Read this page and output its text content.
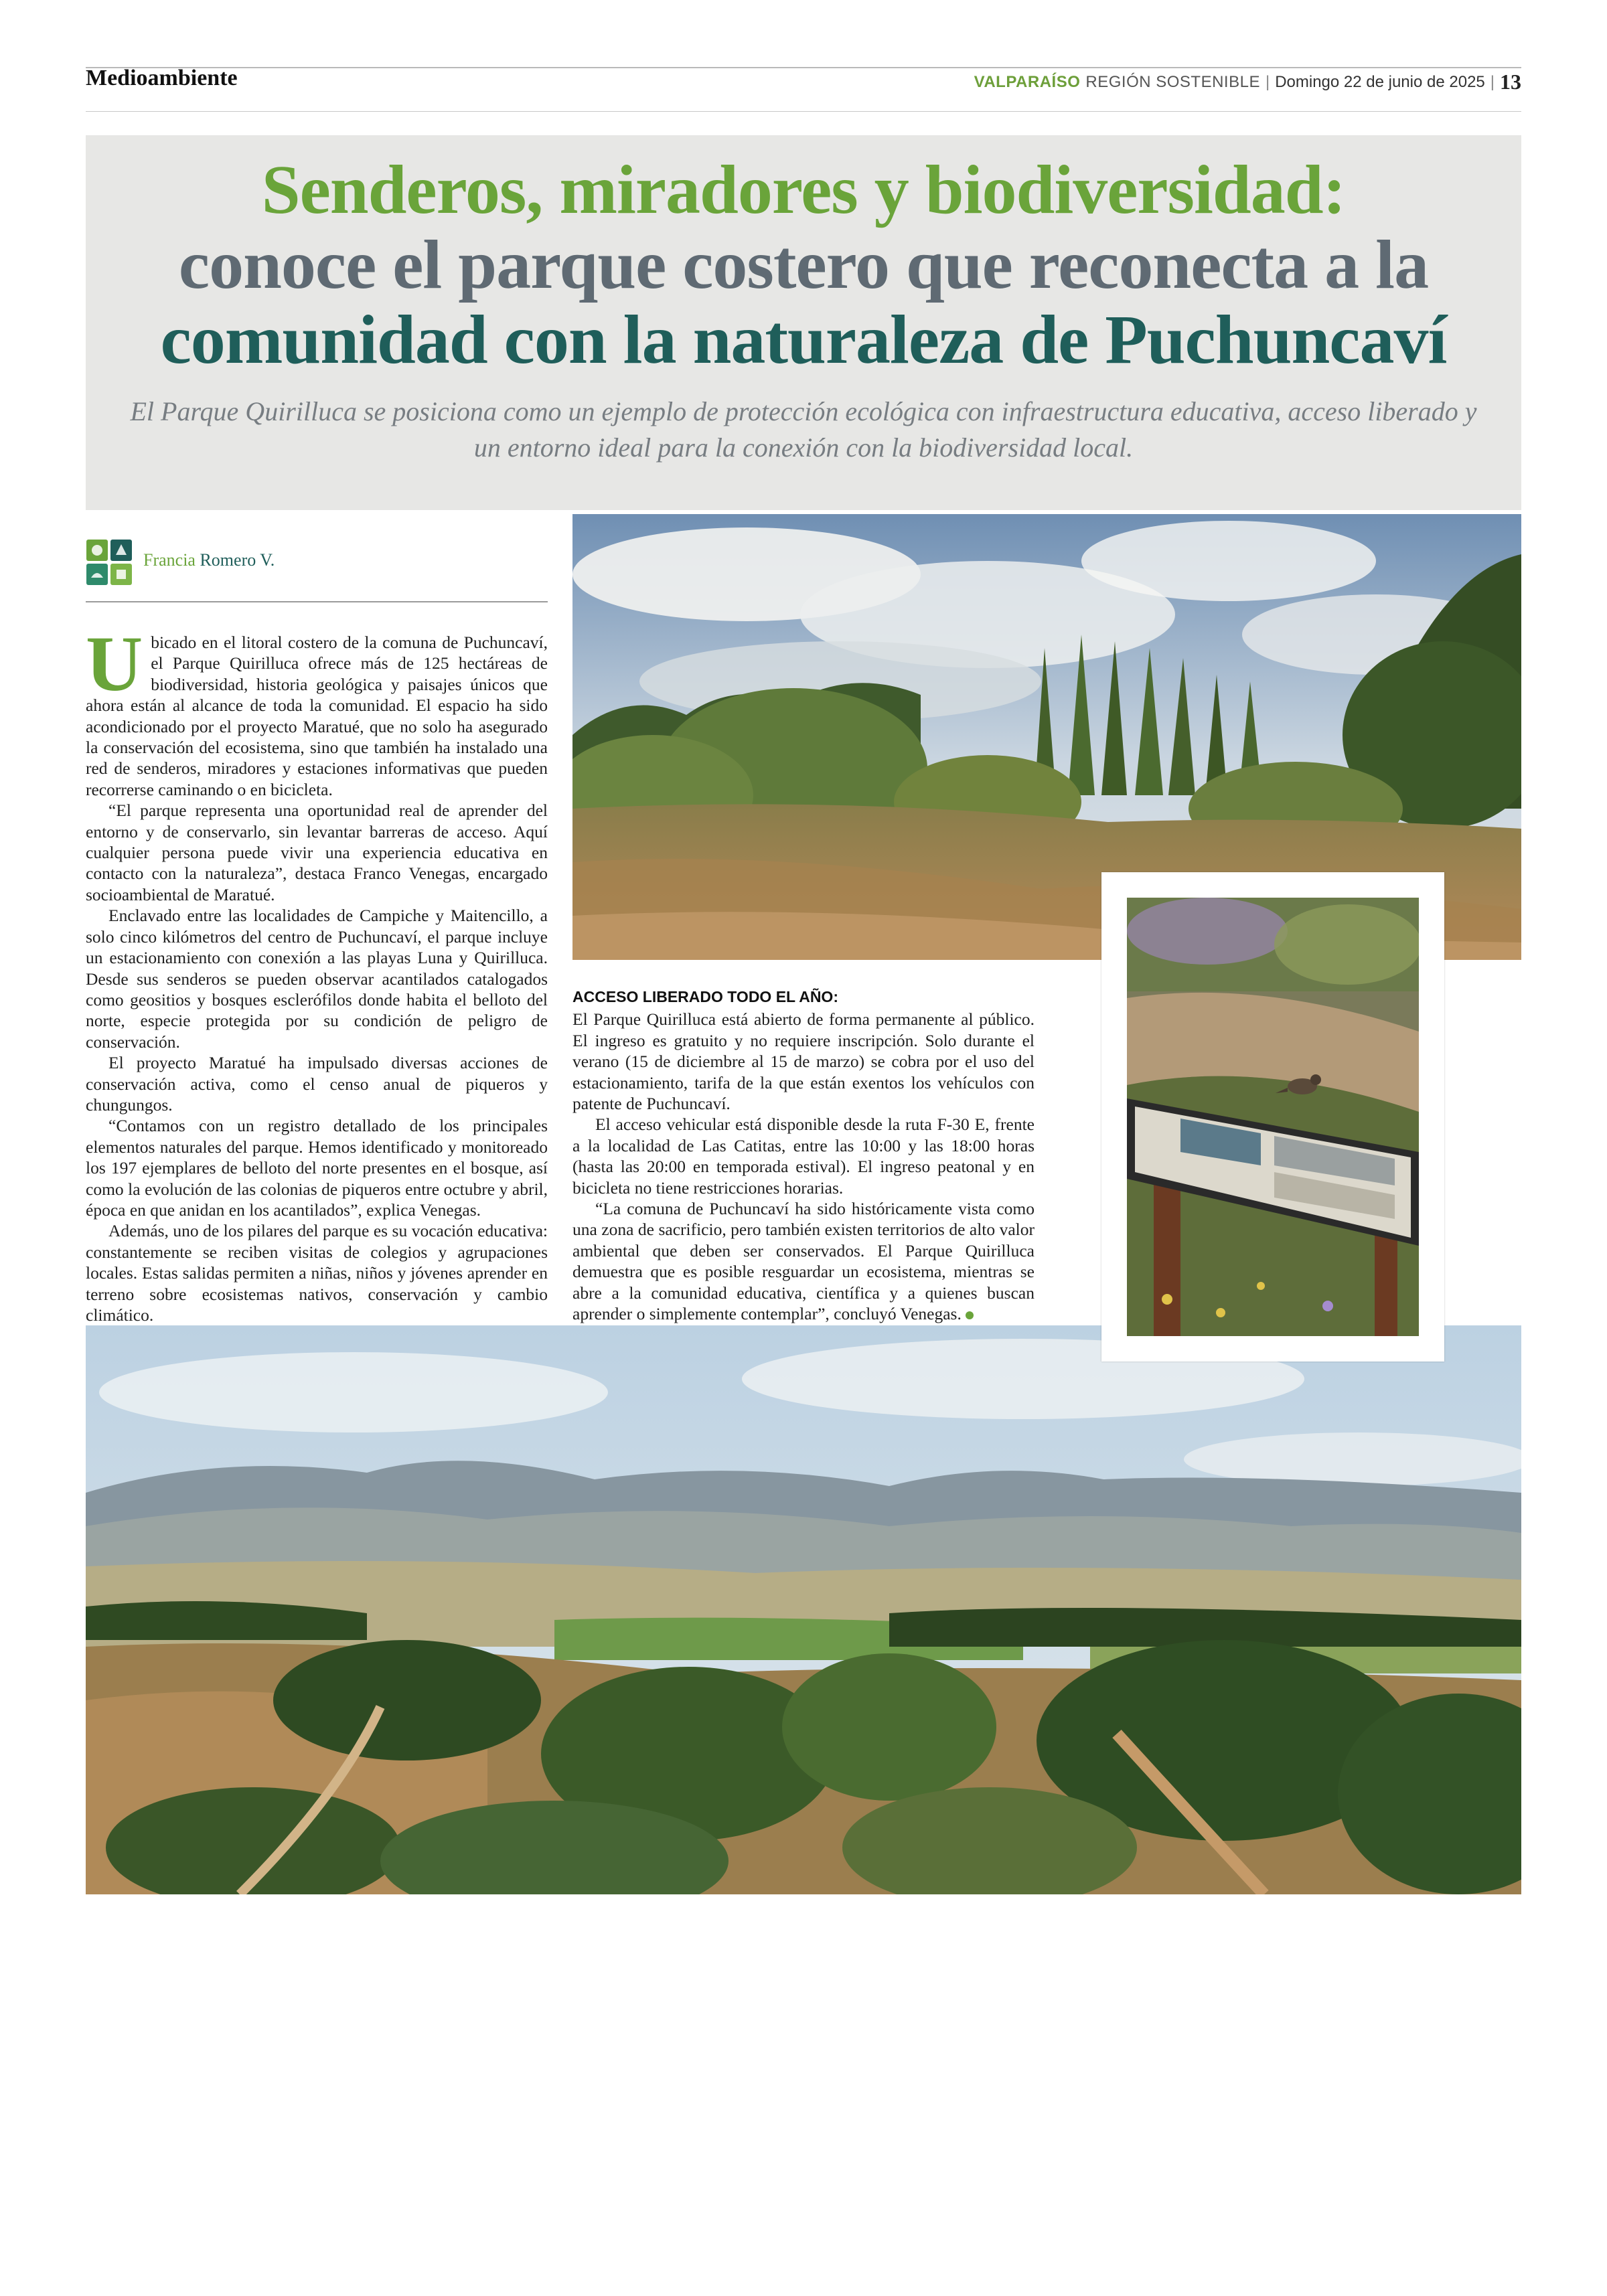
Medioambiente	VALPARAÍSO REGIÓN SOSTENIBLE | Domingo 22 de junio de 2025 | 13
Senderos, miradores y biodiversidad:
conoce el parque costero que reconecta a la
comunidad con la naturaleza de Puchuncaví

El Parque Quirilluca se posiciona como un ejemplo de protección ecológica con infraestructura educativa, acceso liberado y un entorno ideal para la conexión con la biodiversidad local.

Francia Romero V.

Ubicado en el litoral costero de la comuna de Puchuncaví, el Parque Quirilluca ofrece más de 125 hectáreas de biodiversidad, historia geológica y paisajes únicos que ahora están al alcance de toda la comunidad. El espacio ha sido acondicionado por el proyecto Maratué, que no solo ha asegurado la conservación del ecosistema, sino que también ha instalado una red de senderos, miradores y estaciones informativas que pueden recorrerse caminando o en bicicleta.

“El parque representa una oportunidad real de aprender del entorno y de conservarlo, sin levantar barreras de acceso. Aquí cualquier persona puede vivir una experiencia educativa en contacto con la naturaleza”, destaca Franco Venegas, encargado socioambiental de Maratué.

Enclavado entre las localidades de Campiche y Maitencillo, a solo cinco kilómetros del centro de Puchuncaví, el parque incluye un estacionamiento con conexión a las playas Luna y Quirilluca. Desde sus senderos se pueden observar acantilados catalogados como geositios y bosques esclerófilos donde habita el belloto del norte, especie protegida por su condición de peligro de conservación.

El proyecto Maratué ha impulsado diversas acciones de conservación activa, como el censo anual de piqueros y chungungos.

“Contamos con un registro detallado de los principales elementos naturales del parque. Hemos identificado y monitoreado los 197 ejemplares de belloto del norte presentes en el bosque, así como la evolución de las colonias de piqueros entre octubre y abril, época en que anidan en los acantilados”, explica Venegas.

Además, uno de los pilares del parque es su vocación educativa: constantemente se reciben visitas de colegios y agrupaciones locales. Estas salidas permiten a niñas, niños y jóvenes aprender en terreno sobre ecosistemas nativos, conservación y cambio climático.

ACCESO LIBERADO TODO EL AÑO:

El Parque Quirilluca está abierto de forma permanente al público. El ingreso es gratuito y no requiere inscripción. Solo durante el verano (15 de diciembre al 15 de marzo) se cobra por el uso del estacionamiento, tarifa de la que están exentos los vehículos con patente de Puchuncaví.

El acceso vehicular está disponible desde la ruta F-30 E, frente a la localidad de Las Catitas, entre las 10:00 y las 18:00 horas (hasta las 20:00 en temporada estival). El ingreso peatonal y en bicicleta no tiene restricciones horarias.

“La comuna de Puchuncaví ha sido históricamente vista como una zona de sacrificio, pero también existen territorios de alto valor ambiental que deben ser conservados. El Parque Quirilluca demuestra que es posible resguardar un ecosistema, mientras se abre a la comunidad educativa, científica y a quienes buscan aprender o simplemente contemplar”, concluyó Venegas.
